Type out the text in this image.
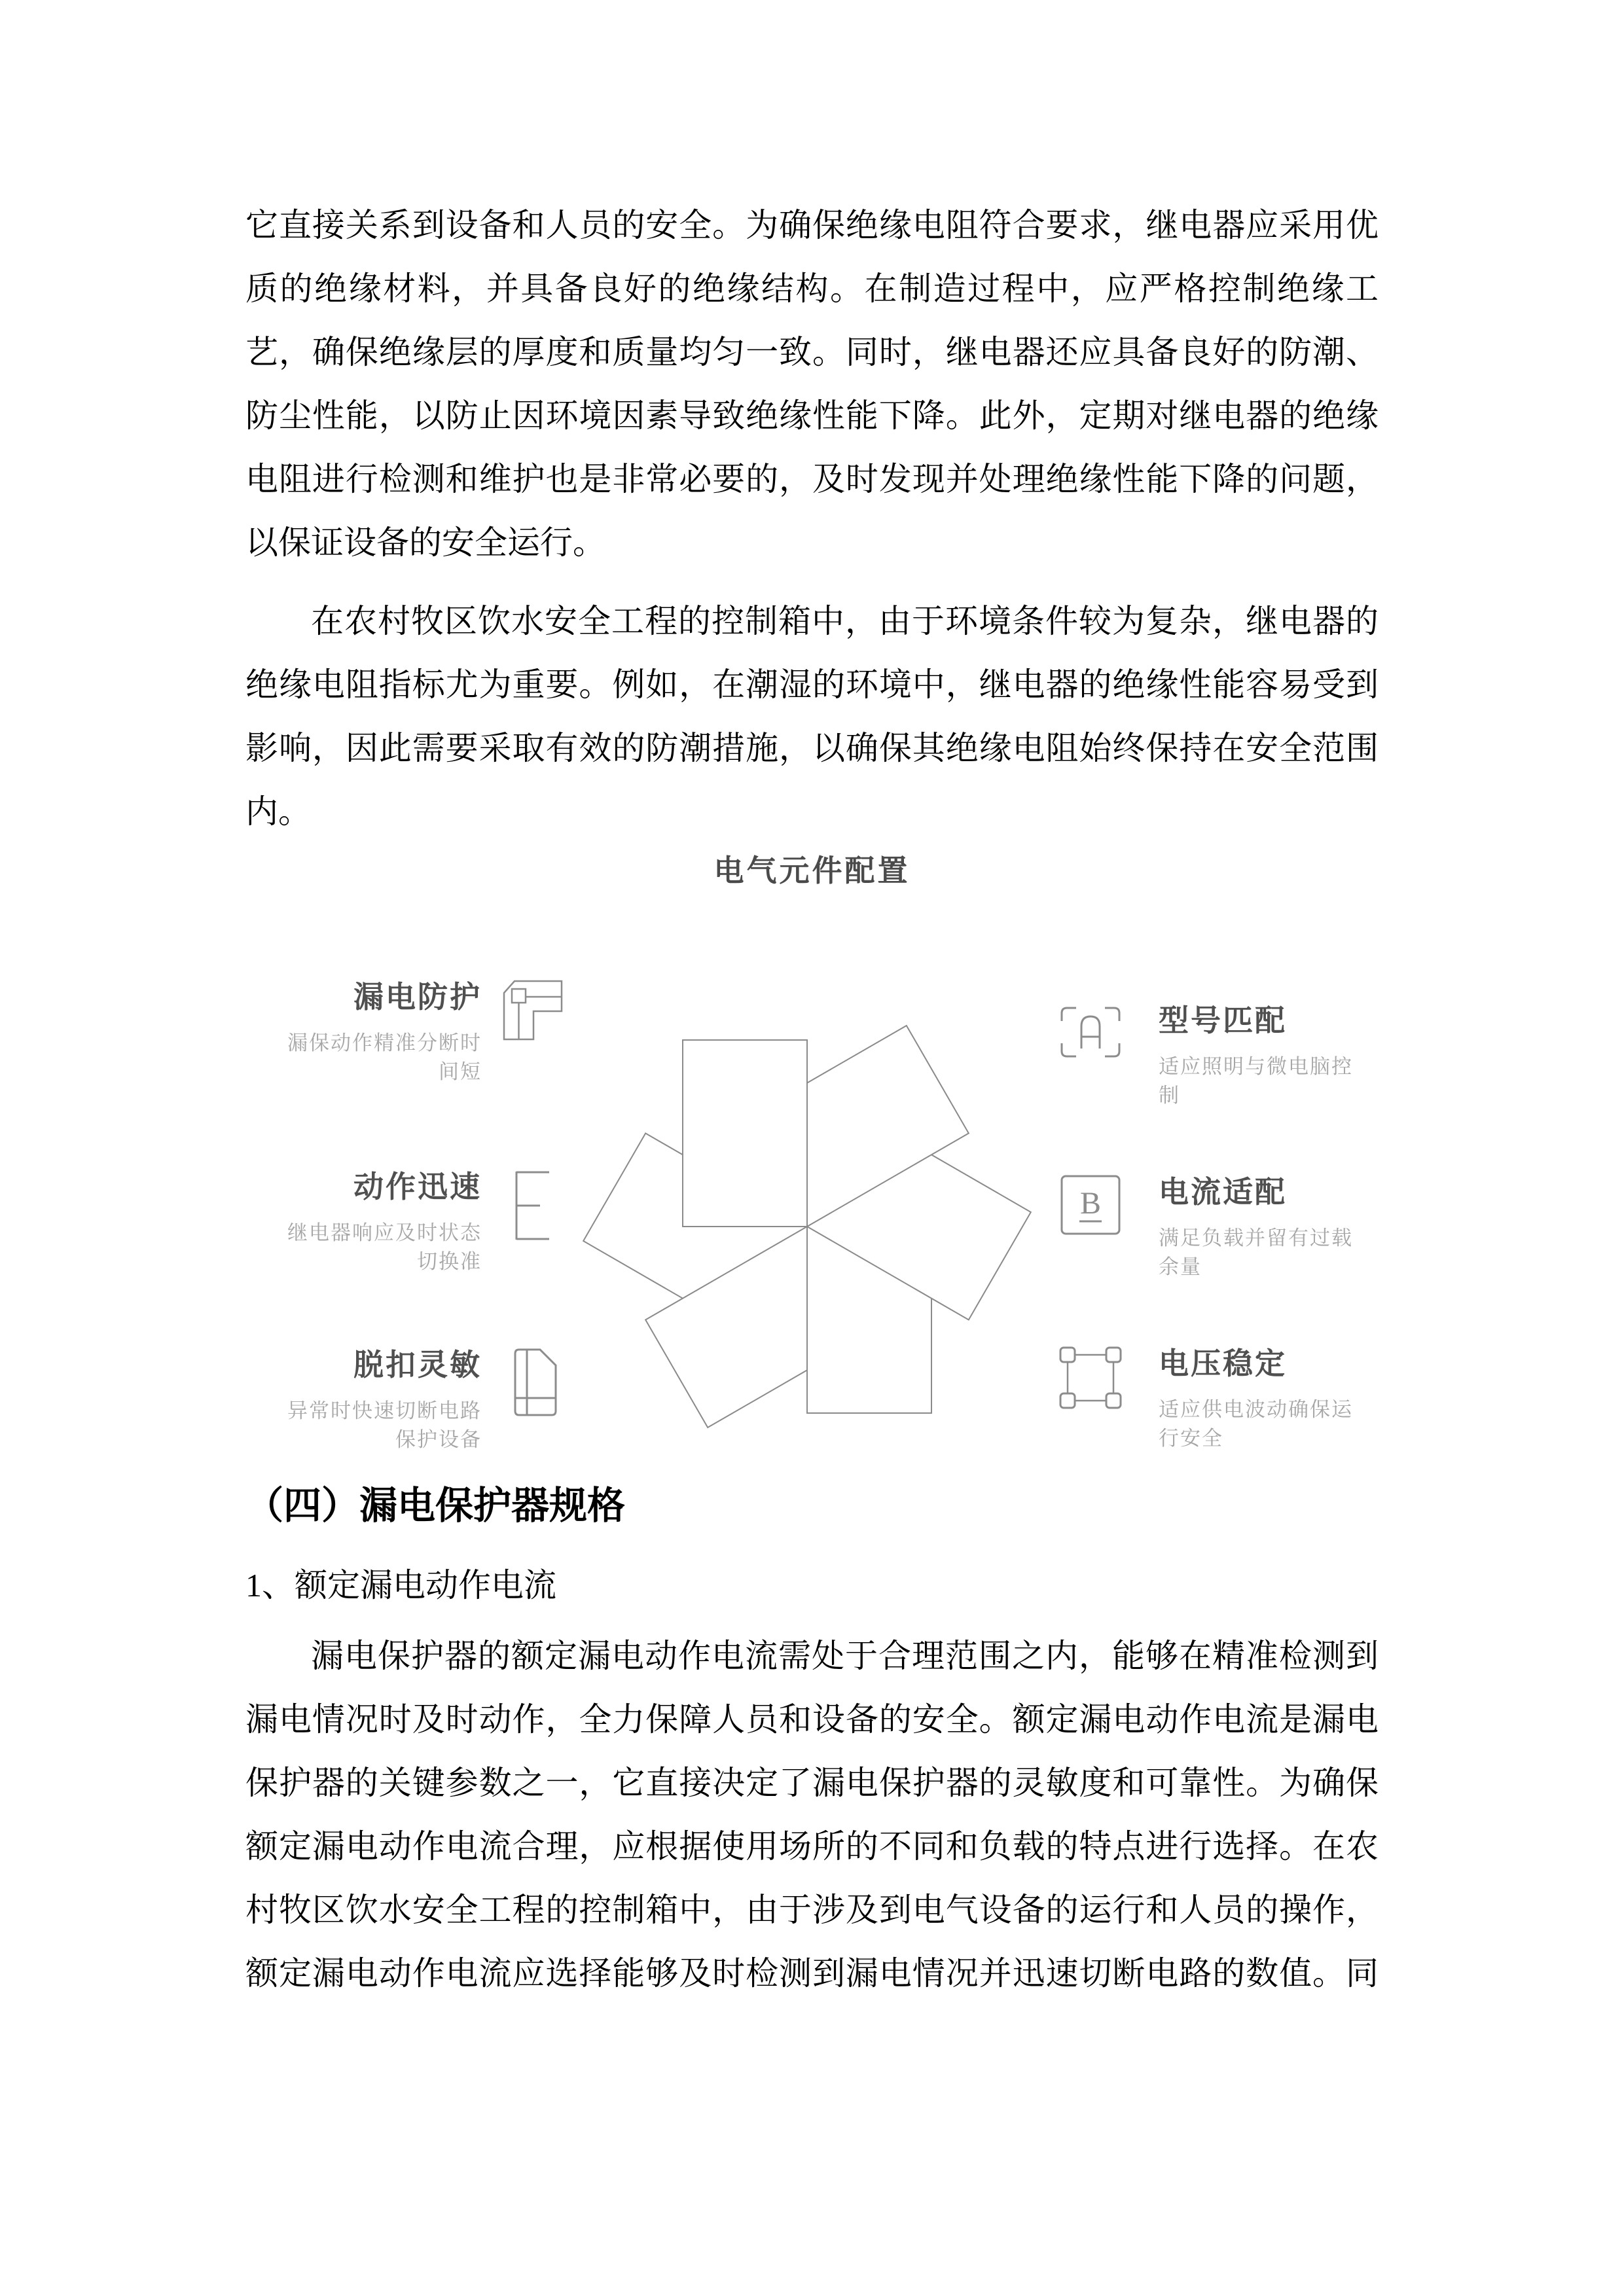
它直接关系到设备和人员的安全。为确保绝缘电阻符合要求，继电器应采用优
质的绝缘材料，并具备良好的绝缘结构。在制造过程中，应严格控制绝缘工
艺，确保绝缘层的厚度和质量均匀一致。同时，继电器还应具备良好的防潮、
防尘性能，以防止因环境因素导致绝缘性能下降。此外，定期对继电器的绝缘
电阻进行检测和维护也是非常必要的，及时发现并处理绝缘性能下降的问题，
以保证设备的安全运行。
在农村牧区饮水安全工程的控制箱中，由于环境条件较为复杂，继电器的
绝缘电阻指标尤为重要。例如，在潮湿的环境中，继电器的绝缘性能容易受到
影响，因此需要采取有效的防潮措施，以确保其绝缘电阻始终保持在安全范围
内。
电气元件配置
漏电防护
漏保动作精准分断时间短
动作迅速
继电器响应及时状态切换准
脱扣灵敏
异常时快速切断电路保护设备
型号匹配
适应照明与微电脑控制
B 电流适配
满足负载并留有过载余量
电压稳定
适应供电波动确保运行安全
（四）漏电保护器规格
1、额定漏电动作电流
漏电保护器的额定漏电动作电流需处于合理范围之内，能够在精准检测到
漏电情况时及时动作，全力保障人员和设备的安全。额定漏电动作电流是漏电
保护器的关键参数之一，它直接决定了漏电保护器的灵敏度和可靠性。为确保
额定漏电动作电流合理，应根据使用场所的不同和负载的特点进行选择。在农
村牧区饮水安全工程的控制箱中，由于涉及到电气设备的运行和人员的操作，
额定漏电动作电流应选择能够及时检测到漏电情况并迅速切断电路的数值。同
